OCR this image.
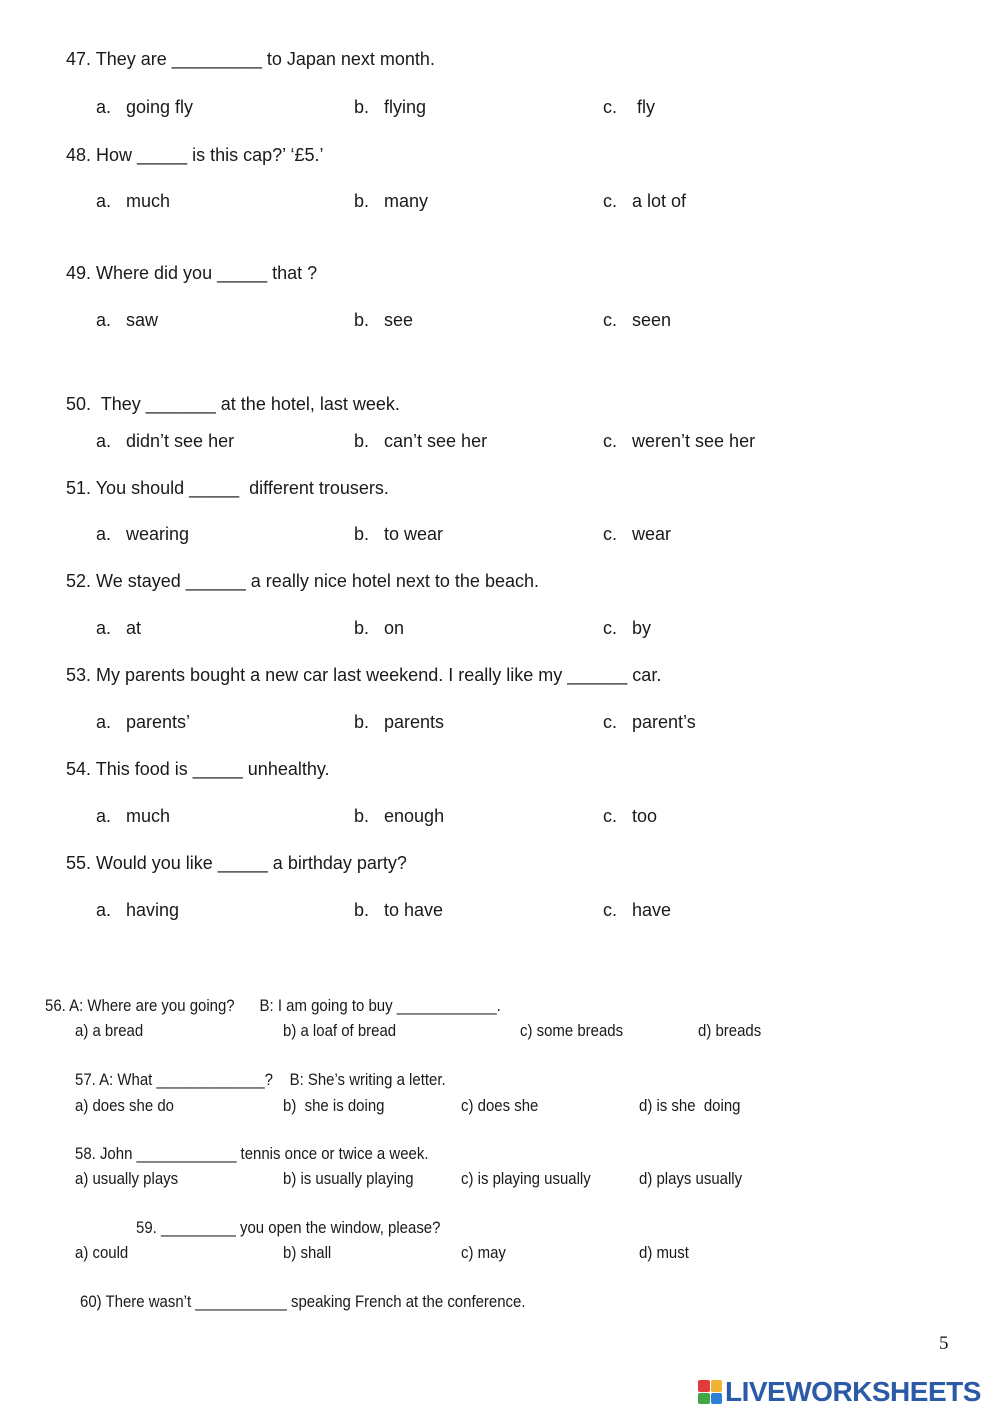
47. They are _________ to Japan next month.
a.   going fly	b.   flying	c.    fly
48. How _____ is this cap?’ ‘£5.’
a.   much	b.   many	c.   a lot of
49. Where did you _____ that ?
a.   saw	b.   see	c.   seen
50.  They _______ at the hotel, last week.
a.   didn’t see her	b.   can’t see her	c.   weren’t see her
51. You should _____  different trousers.
a.   wearing	b.   to wear	c.   wear
52. We stayed ______ a really nice hotel next to the beach.
a.   at	b.   on	c.   by
53. My parents bought a new car last weekend. I really like my ______ car.
a.   parents’	b.   parents	c.   parent’s
54. This food is _____ unhealthy.
a.   much	b.   enough	c.   too
55. Would you like _____ a birthday party?
a.   having	b.   to have	c.   have
56. A: Where are you going?      B: I am going to buy ____________.
a) a bread	b) a loaf of bread	c) some breads	d) breads
57. A: What _____________?    B: She’s writing a letter.
a) does she do	b)  she is doing	c) does she	d) is she  doing
58. John ____________ tennis once or twice a week.
a) usually plays	b) is usually playing	c) is playing usually	d) plays usually
59. _________ you open the window, please?
a) could	b) shall	c) may	d) must
60) There wasn’t ___________ speaking French at the conference.
5
LIVEWORKSHEETS
